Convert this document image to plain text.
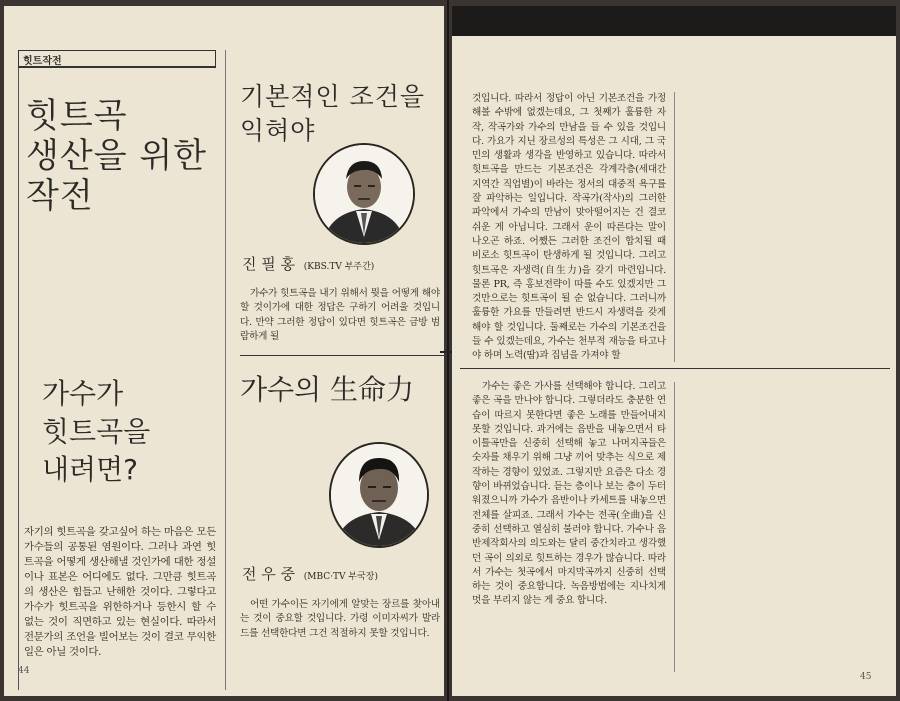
힛트작전
힛트곡
생산을 위한
작전
가수가
힛트곡을
내려면?
자기의 힛트곡을 갖고싶어 하는 마음은 모든 가수들의 공통된 염원이다. 그러나 과연 힛트곡을 어떻게 생산해낼 것인가에 대한 정설이나 표본은 어디에도 없다. 그만큼 힛트곡의 생산은 힘들고 난해한 것이다. 그렇다고 가수가 힛트곡을 위한하거나 등한시 할 수 없는 것이 직면하고 있는 현실이다. 따라서 전문가의 조언을 빌어보는 것이 결코 무익한 일은 아닐 것이다.
기본적인 조건을
익혀야
진 필 홍 (KBS.TV 부주간)
가수가 힛트곡을 내기 위해서 뭣을 어떻게 해야 할 것이가에 대한 정답은 구하기 어려울 것입니다. 만약 그러한 정답이 있다면 힛트곡은 금방 범람하게 될
가수의 生命力
전 우 중 (MBC·TV 부국장)
어떤 가수이든 자기에게 알맞는 장르를 찾아내는 것이 중요할 것입니다. 가령 이미자씨가 발라드를 선택한다면 그건 적절하지 못할 것입니다.
44
것입니다. 따라서 정답이 아닌 기본조건을 가정해볼 수밖에 없겠는데요, 그 첫째가 훌륭한 자작, 작곡가와 가수의 만남을 들 수 있을 것입니다. 가요가 지닌 장르성의 특성은 그 시대, 그 국민의 생활과 생각을 반영하고 있습니다. 따라서 힛트곡을 만드는 기본조건은 각계각층(세대간 지역간 직업별)이 바라는 정서의 대중적 욕구를 잘 파악하는 일입니다. 작곡가(작사)의 그러한 파악에서 가수의 만남이 맞아떨어지는 건 결코 쉬운 게 아닙니다. 그래서 운이 따른다는 말이 나오곤 하죠. 어쨌든 그러한 조건이 합치될 때 비로소 힛트곡이 탄생하게 될 것입니다. 그리고 힛트곡은 자생력(自生力)을 갖기 마련입니다. 물론 PR, 즉 홍보전략이 따를 수도 있겠지만 그것만으로는 힛트곡이 될 순 없습니다. 그러니까 훌륭한 가요를 만들려면 반드시 자생력을 갖게 해야 할 것입니다. 둘째로는 가수의 기본조건을 들 수 있겠는데요, 가수는 천부적 재능을 타고나야 하며 노력(땀)과 집념을 가져야 할
가수는 좋은 가사를 선택해야 합니다. 그리고 좋은 곡을 만나야 합니다. 그렇더라도 충분한 연습이 따르지 못한다면 좋은 노래를 만들어내지 못할 것입니다. 과거에는 음반을 내놓으면서 타이틀곡만을 신중히 선택해 놓고 나머지곡들은 숫자를 채우기 위해 그냥 끼어 맞추는 식으로 제작하는 경향이 있었죠. 그렇지만 요즘은 다소 경향이 바뀌었습니다. 듣는 층이나 보는 층이 두터워졌으니까 가수가 음반이나 카세트를 내놓으면 전체를 살피죠. 그래서 가수는 전곡(全曲)을 신중히 선택하고 열심히 불러야 합니다. 가수나 음반제작회사의 의도와는 달리 중간치라고 생각했던 곡이 의외로 힛트하는 경우가 많습니다. 따라서 가수는 첫곡에서 마지막곡까지 신중히 선택하는 것이 중요합니다. 녹음방법에는 지나치게 멋을 부리지 않는 게 중요 합니다.
45
